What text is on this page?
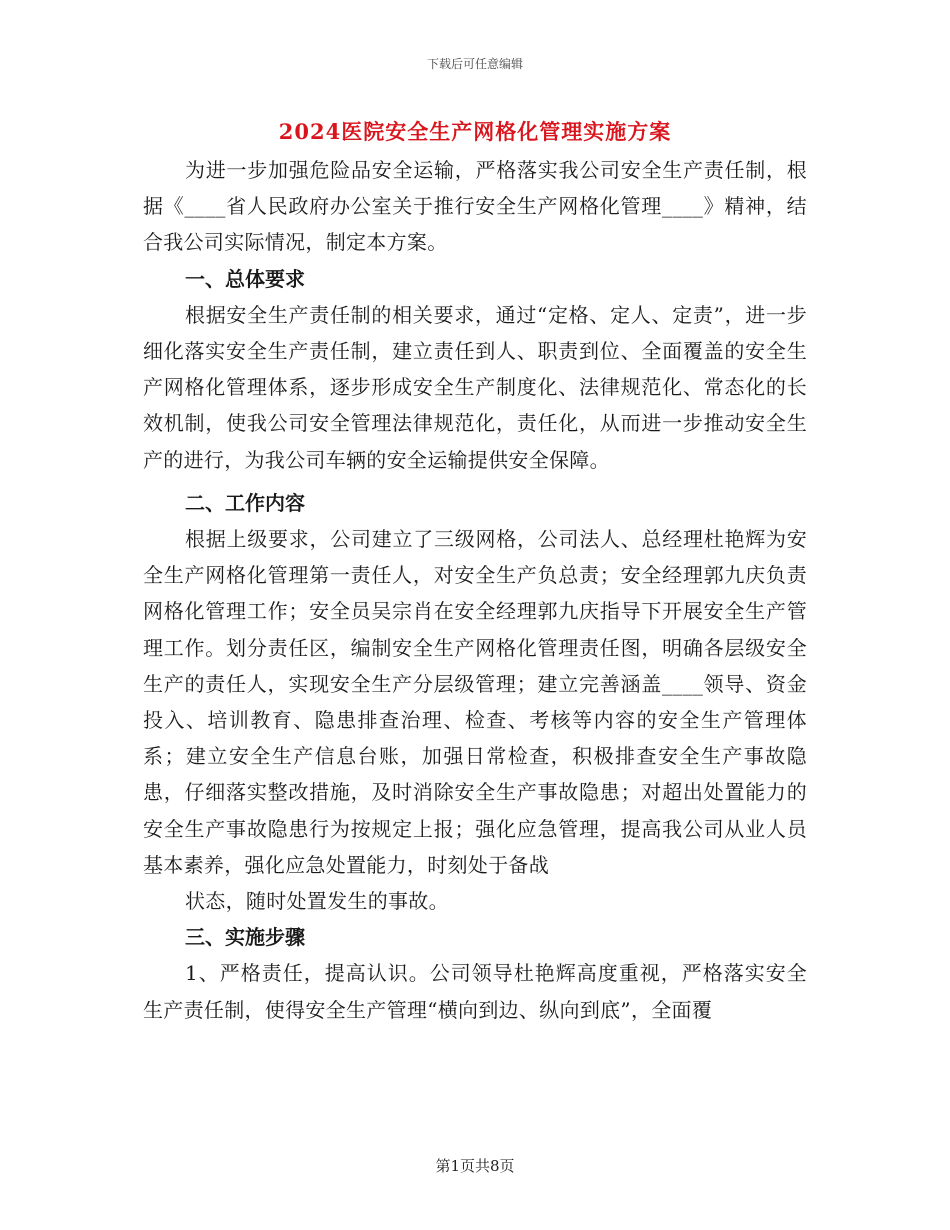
下载后可任意编辑
2024医院安全生产网格化管理实施方案

为进一步加强危险品安全运输，严格落实我公司安全生产责任制，根据《____省人民政府办公室关于推行安全生产网格化管理____》精神，结合我公司实际情况，制定本方案。

一、总体要求

根据安全生产责任制的相关要求，通过“定格、定人、定责”，进一步细化落实安全生产责任制，建立责任到人、职责到位、全面覆盖的安全生产网格化管理体系，逐步形成安全生产制度化、法律规范化、常态化的长效机制，使我公司安全管理法律规范化，责任化，从而进一步推动安全生产的进行，为我公司车辆的安全运输提供安全保障。

二、工作内容

根据上级要求，公司建立了三级网格，公司法人、总经理杜艳辉为安全生产网格化管理第一责任人，对安全生产负总责；安全经理郭九庆负责网格化管理工作；安全员吴宗肖在安全经理郭九庆指导下开展安全生产管理工作。划分责任区，编制安全生产网格化管理责任图，明确各层级安全生产的责任人，实现安全生产分层级管理；建立完善涵盖____领导、资金投入、培训教育、隐患排查治理、检查、考核等内容的安全生产管理体系；建立安全生产信息台账，加强日常检查，积极排查安全生产事故隐患，仔细落实整改措施，及时消除安全生产事故隐患；对超出处置能力的安全生产事故隐患行为按规定上报；强化应急管理，提高我公司从业人员基本素养，强化应急处置能力，时刻处于备战

状态，随时处置发生的事故。

三、实施步骤

1、严格责任，提高认识。公司领导杜艳辉高度重视，严格落实安全生产责任制，使得安全生产管理“横向到边、纵向到底”，全面覆

第1页共8页
